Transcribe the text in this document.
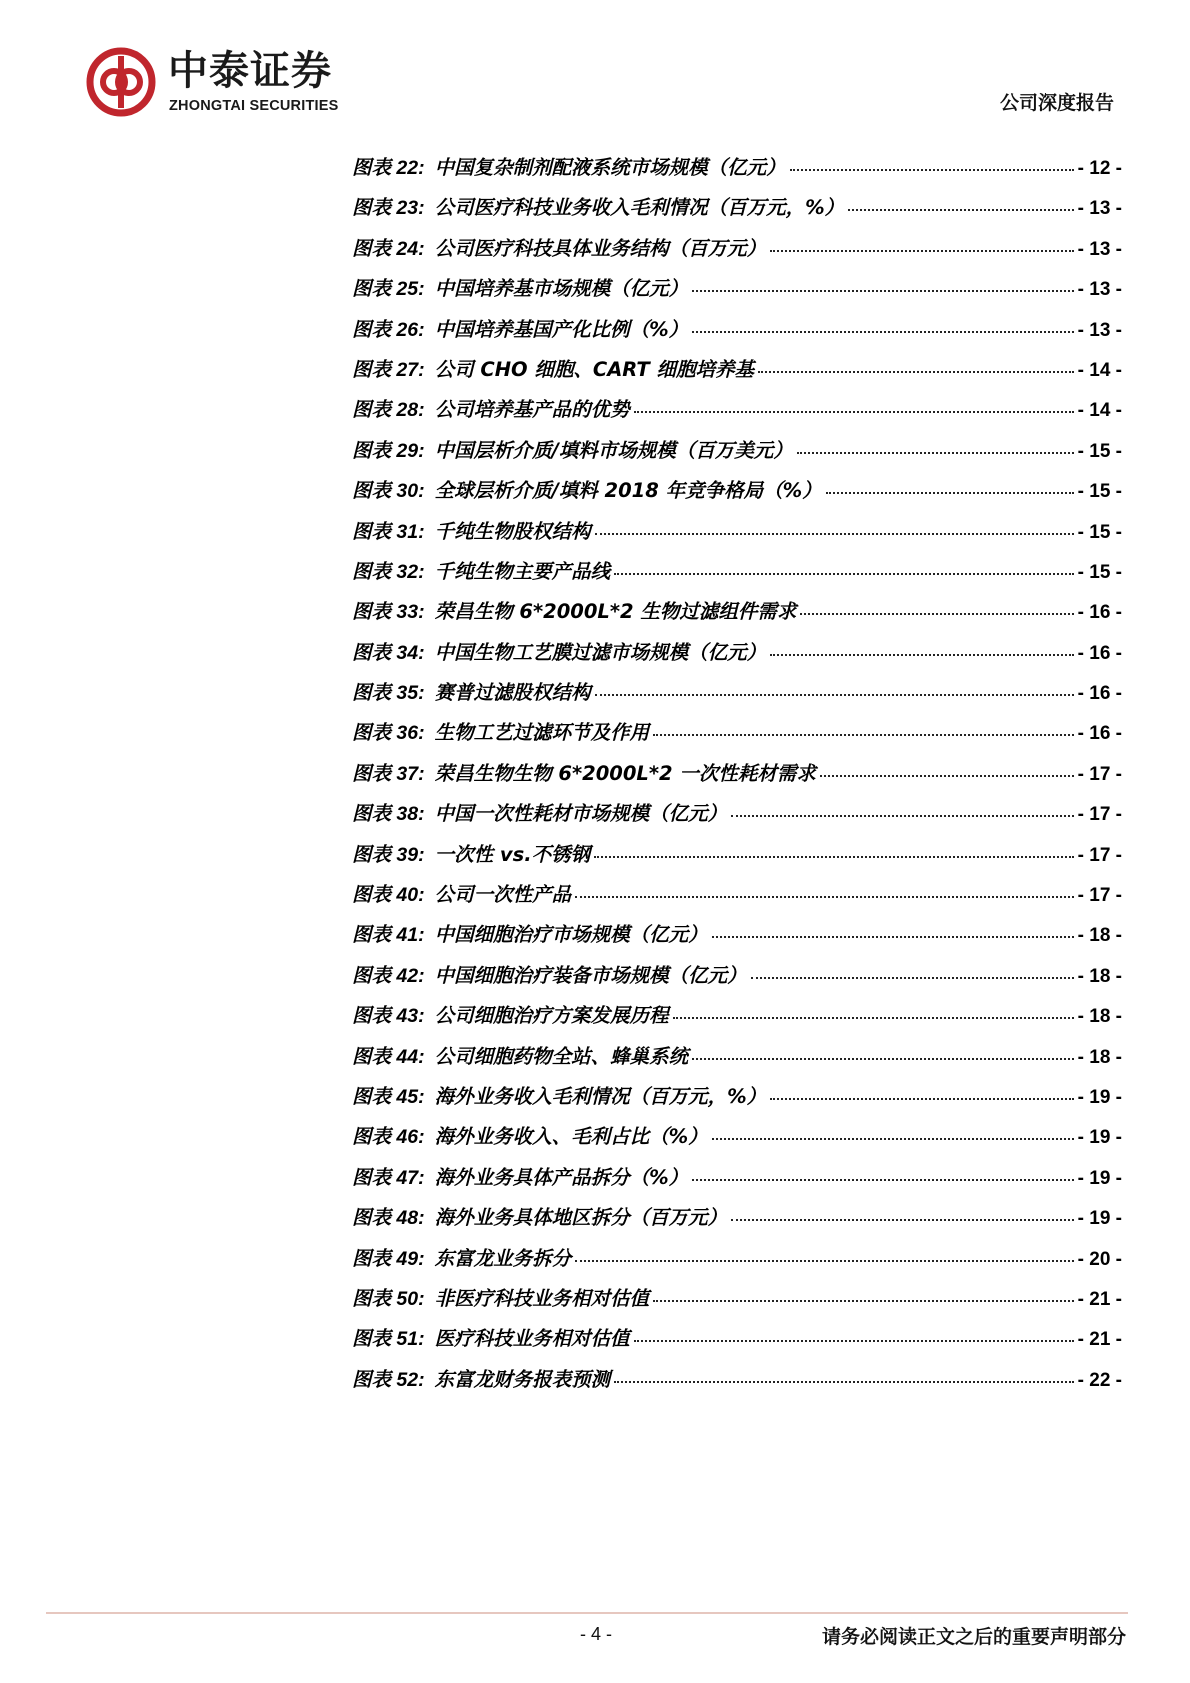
中泰证券
ZHONGTAI SECURITIES	公司深度报告
图表 22: 中国复杂制剂配液系统市场规模（亿元）	- 12 -
图表 23: 公司医疗科技业务收入毛利情况（百万元，%）	- 13 -
图表 24: 公司医疗科技具体业务结构（百万元）	- 13 -
图表 25: 中国培养基市场规模（亿元）	- 13 -
图表 26: 中国培养基国产化比例（%）	- 13 -
图表 27: 公司 CHO 细胞、CART 细胞培养基	- 14 -
图表 28: 公司培养基产品的优势	- 14 -
图表 29: 中国层析介质/填料市场规模（百万美元）	- 15 -
图表 30: 全球层析介质/填料 2018 年竞争格局（%）	- 15 -
图表 31: 千纯生物股权结构	- 15 -
图表 32: 千纯生物主要产品线	- 15 -
图表 33: 荣昌生物 6*2000L*2 生物过滤组件需求	- 16 -
图表 34: 中国生物工艺膜过滤市场规模（亿元）	- 16 -
图表 35: 赛普过滤股权结构	- 16 -
图表 36: 生物工艺过滤环节及作用	- 16 -
图表 37: 荣昌生物生物 6*2000L*2 一次性耗材需求	- 17 -
图表 38: 中国一次性耗材市场规模（亿元）	- 17 -
图表 39: 一次性 vs.不锈钢	- 17 -
图表 40: 公司一次性产品	- 17 -
图表 41: 中国细胞治疗市场规模（亿元）	- 18 -
图表 42: 中国细胞治疗装备市场规模（亿元）	- 18 -
图表 43: 公司细胞治疗方案发展历程	- 18 -
图表 44: 公司细胞药物全站、蜂巢系统	- 18 -
图表 45: 海外业务收入毛利情况（百万元，%）	- 19 -
图表 46: 海外业务收入、毛利占比（%）	- 19 -
图表 47: 海外业务具体产品拆分（%）	- 19 -
图表 48: 海外业务具体地区拆分（百万元）	- 19 -
图表 49: 东富龙业务拆分	- 20 -
图表 50: 非医疗科技业务相对估值	- 21 -
图表 51: 医疗科技业务相对估值	- 21 -
图表 52: 东富龙财务报表预测	- 22 -
- 4 -	请务必阅读正文之后的重要声明部分
